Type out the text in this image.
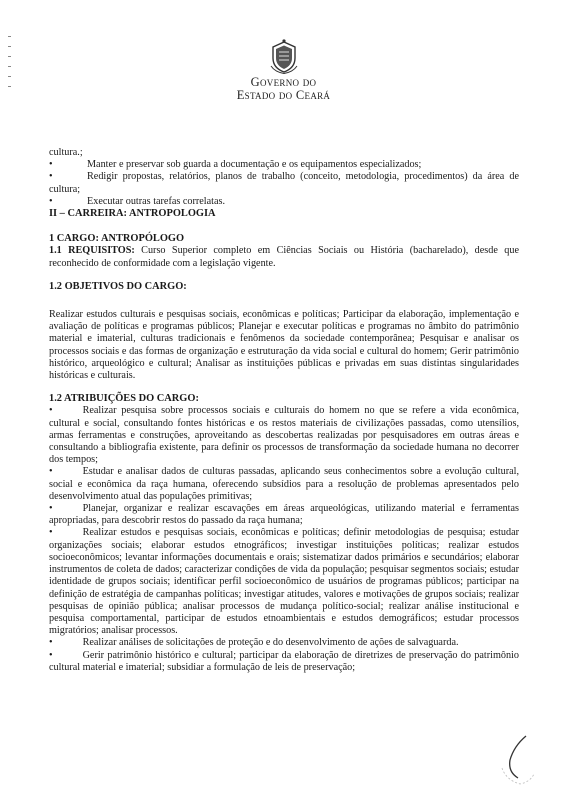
Governo do
Estado do Ceará

cultura.;

•	Manter e preservar sob guarda a documentação e os equipamentos especializados;

•	Redigir propostas, relatórios, planos de trabalho (conceito, metodologia, procedimentos) da área de cultura;

•	Executar outras tarefas correlatas.

II – CARREIRA: ANTROPOLOGIA

1 CARGO: ANTROPÓLOGO

1.1 REQUISITOS: Curso Superior completo em Ciências Sociais ou História (bacharelado), desde que reconhecido de conformidade com a legislação vigente.

1.2 OBJETIVOS DO CARGO:

Realizar estudos culturais e pesquisas sociais, econômicas e políticas; Participar da elaboração, implementação e avaliação de políticas e programas públicos; Planejar e executar políticas e programas no âmbito do patrimônio material e imaterial, culturas tradicionais e fenômenos da sociedade contemporânea; Pesquisar e analisar os processos sociais e das formas de organização e estruturação da vida social e cultural do homem; Gerir patrimônio histórico, arqueológico e cultural; Analisar as instituições públicas e privadas em suas distintas singularidades históricas e culturais.

1.2 ATRIBUIÇÕES DO CARGO:

•	Realizar pesquisa sobre processos sociais e culturais do homem no que se refere a vida econômica, cultural e social, consultando fontes históricas e os restos materiais de civilizações passadas, como utensílios, armas ferramentas e construções, aproveitando as descobertas realizadas por pesquisadores em outras áreas e consultando a bibliografia existente, para definir os processos de transformação da sociedade humana no decorrer dos tempos;

•	Estudar e analisar dados de culturas passadas, aplicando seus conhecimentos sobre a evolução cultural, social e econômica da raça humana, oferecendo subsídios para a resolução de problemas apresentados pelo desenvolvimento atual das populações primitivas;

•	Planejar, organizar e realizar escavações em áreas arqueológicas, utilizando material e ferramentas apropriadas, para descobrir restos do passado da raça humana;

•	Realizar estudos e pesquisas sociais, econômicas e políticas; definir metodologias de pesquisa; estudar organizações sociais; elaborar estudos etnográficos; investigar instituições políticas; realizar estudos socioeconômicos; levantar informações documentais e orais; sistematizar dados primários e secundários; elaborar instrumentos de coleta de dados; caracterizar condições de vida da população; pesquisar segmentos sociais; estudar identidade de grupos sociais; identificar perfil socioeconômico de usuários de programas públicos; participar na definição de estratégia de campanhas políticas; investigar atitudes, valores e motivações de grupos sociais; realizar pesquisas de opinião pública; analisar processos de mudança político-social; realizar análise institucional e pesquisa comportamental, participar de estudos etnoambientais e estudos demográficos; estudar processos migratórios; analisar processos.

•	Realizar análises de solicitações de proteção e do desenvolvimento de ações de salvaguarda.

•	Gerir patrimônio histórico e cultural; participar da elaboração de diretrizes de preservação do patrimônio cultural material e imaterial; subsidiar a formulação de leis de preservação;
